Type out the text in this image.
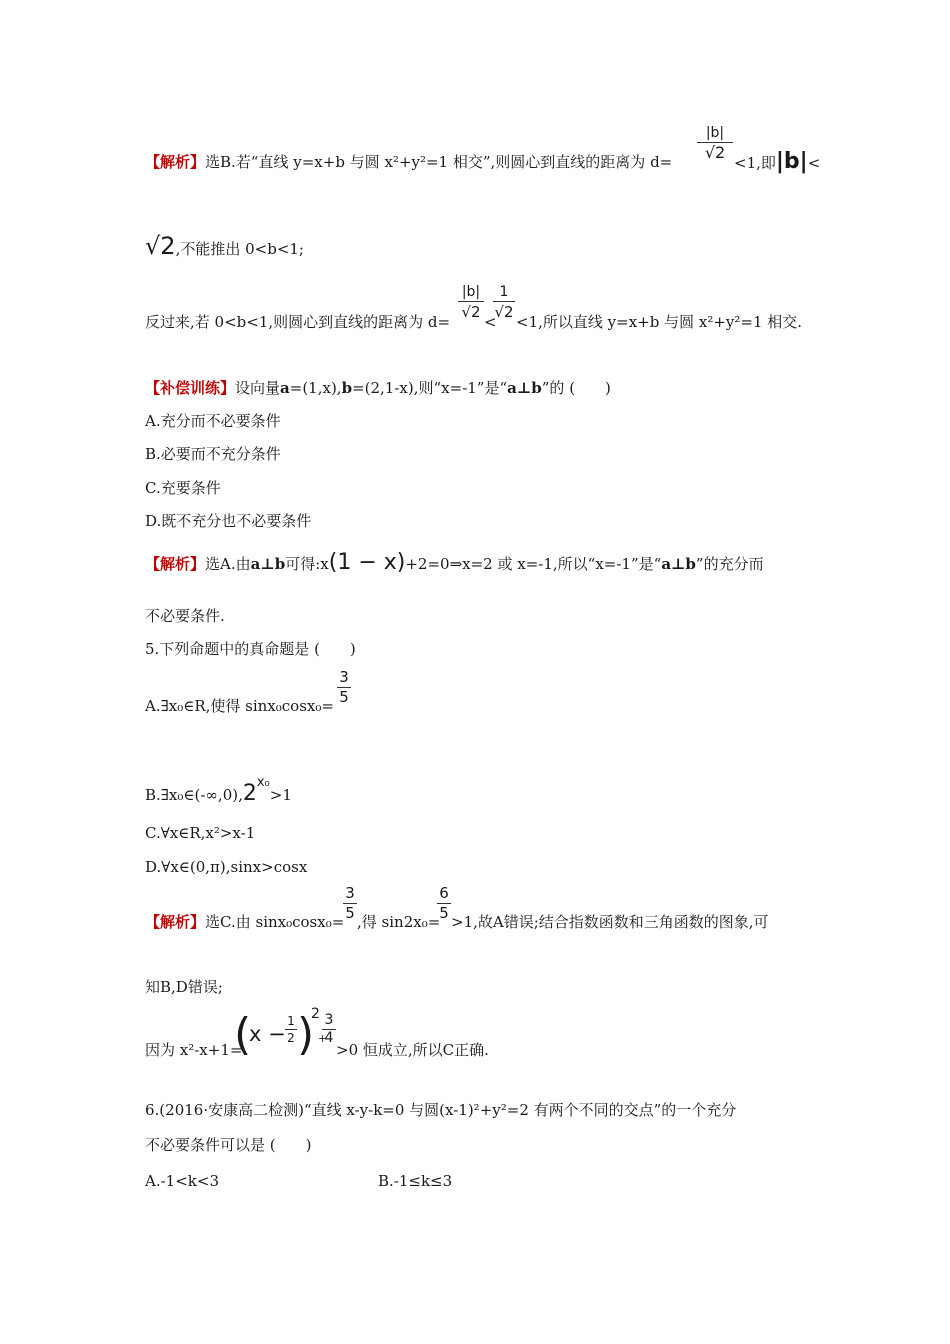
【解析】选B.若“直线 y=x+b 与圆 x²+y²=1 相交”,则圆心到直线的距离为 $d= \frac{|b|}{√2} <1$,即|b|<
√2,不能推出 0<b<1;
反过来,若 0<b<1,则圆心到直线的距离为 $d= \frac{|b|}{√2}$ <
$\frac{1}{√2} <1$,所以直线 y=x+b 与圆 x²+y²=1 相交.
【补偿训练】设向量a=(1,x),b=(2,1-x),则“x=-1”是“a⊥b”的 (　　)
A.充分而不必要条件
B.必要而不充分条件
C.充要条件
D.既不充分也不必要条件
【解析】选A.由a⊥b可得:x(1 − x)+2=0⇒x=2 或 x=-1,所以“x=-1”是“a⊥b”的充分而
不必要条件.
5.下列命题中的真命题是 (　　)
A.∃x₀∈R,使得 $\sin x_0\cos x_0= \frac{3}{5}$
B.∃x₀∈(-∞,0),2x₀>1
C.∀x∈R,x²>x-1
D.∀x∈(0,π),sinx>cosx
【解析】选C.由 sinx₀cosx₀=
$\frac{3}{5}$ ,得 sin2x₀=
$\frac{6}{5} >1$,故A错误;结合指数函数和三角函数的图象,可
知B,D错误;
因为 x²-x+1=
(
$x - \frac{1}{2}$ )
2 3
+
4
>0 恒成立,所以C正确.
6.(2016·安康高二检测)“直线 x-y-k=0 与圆(x-1)²+y²=2 有两个不同的交点”的一个充分
不必要条件可以是 (　　)
A.-1<k<3	B.-1≤k≤3
